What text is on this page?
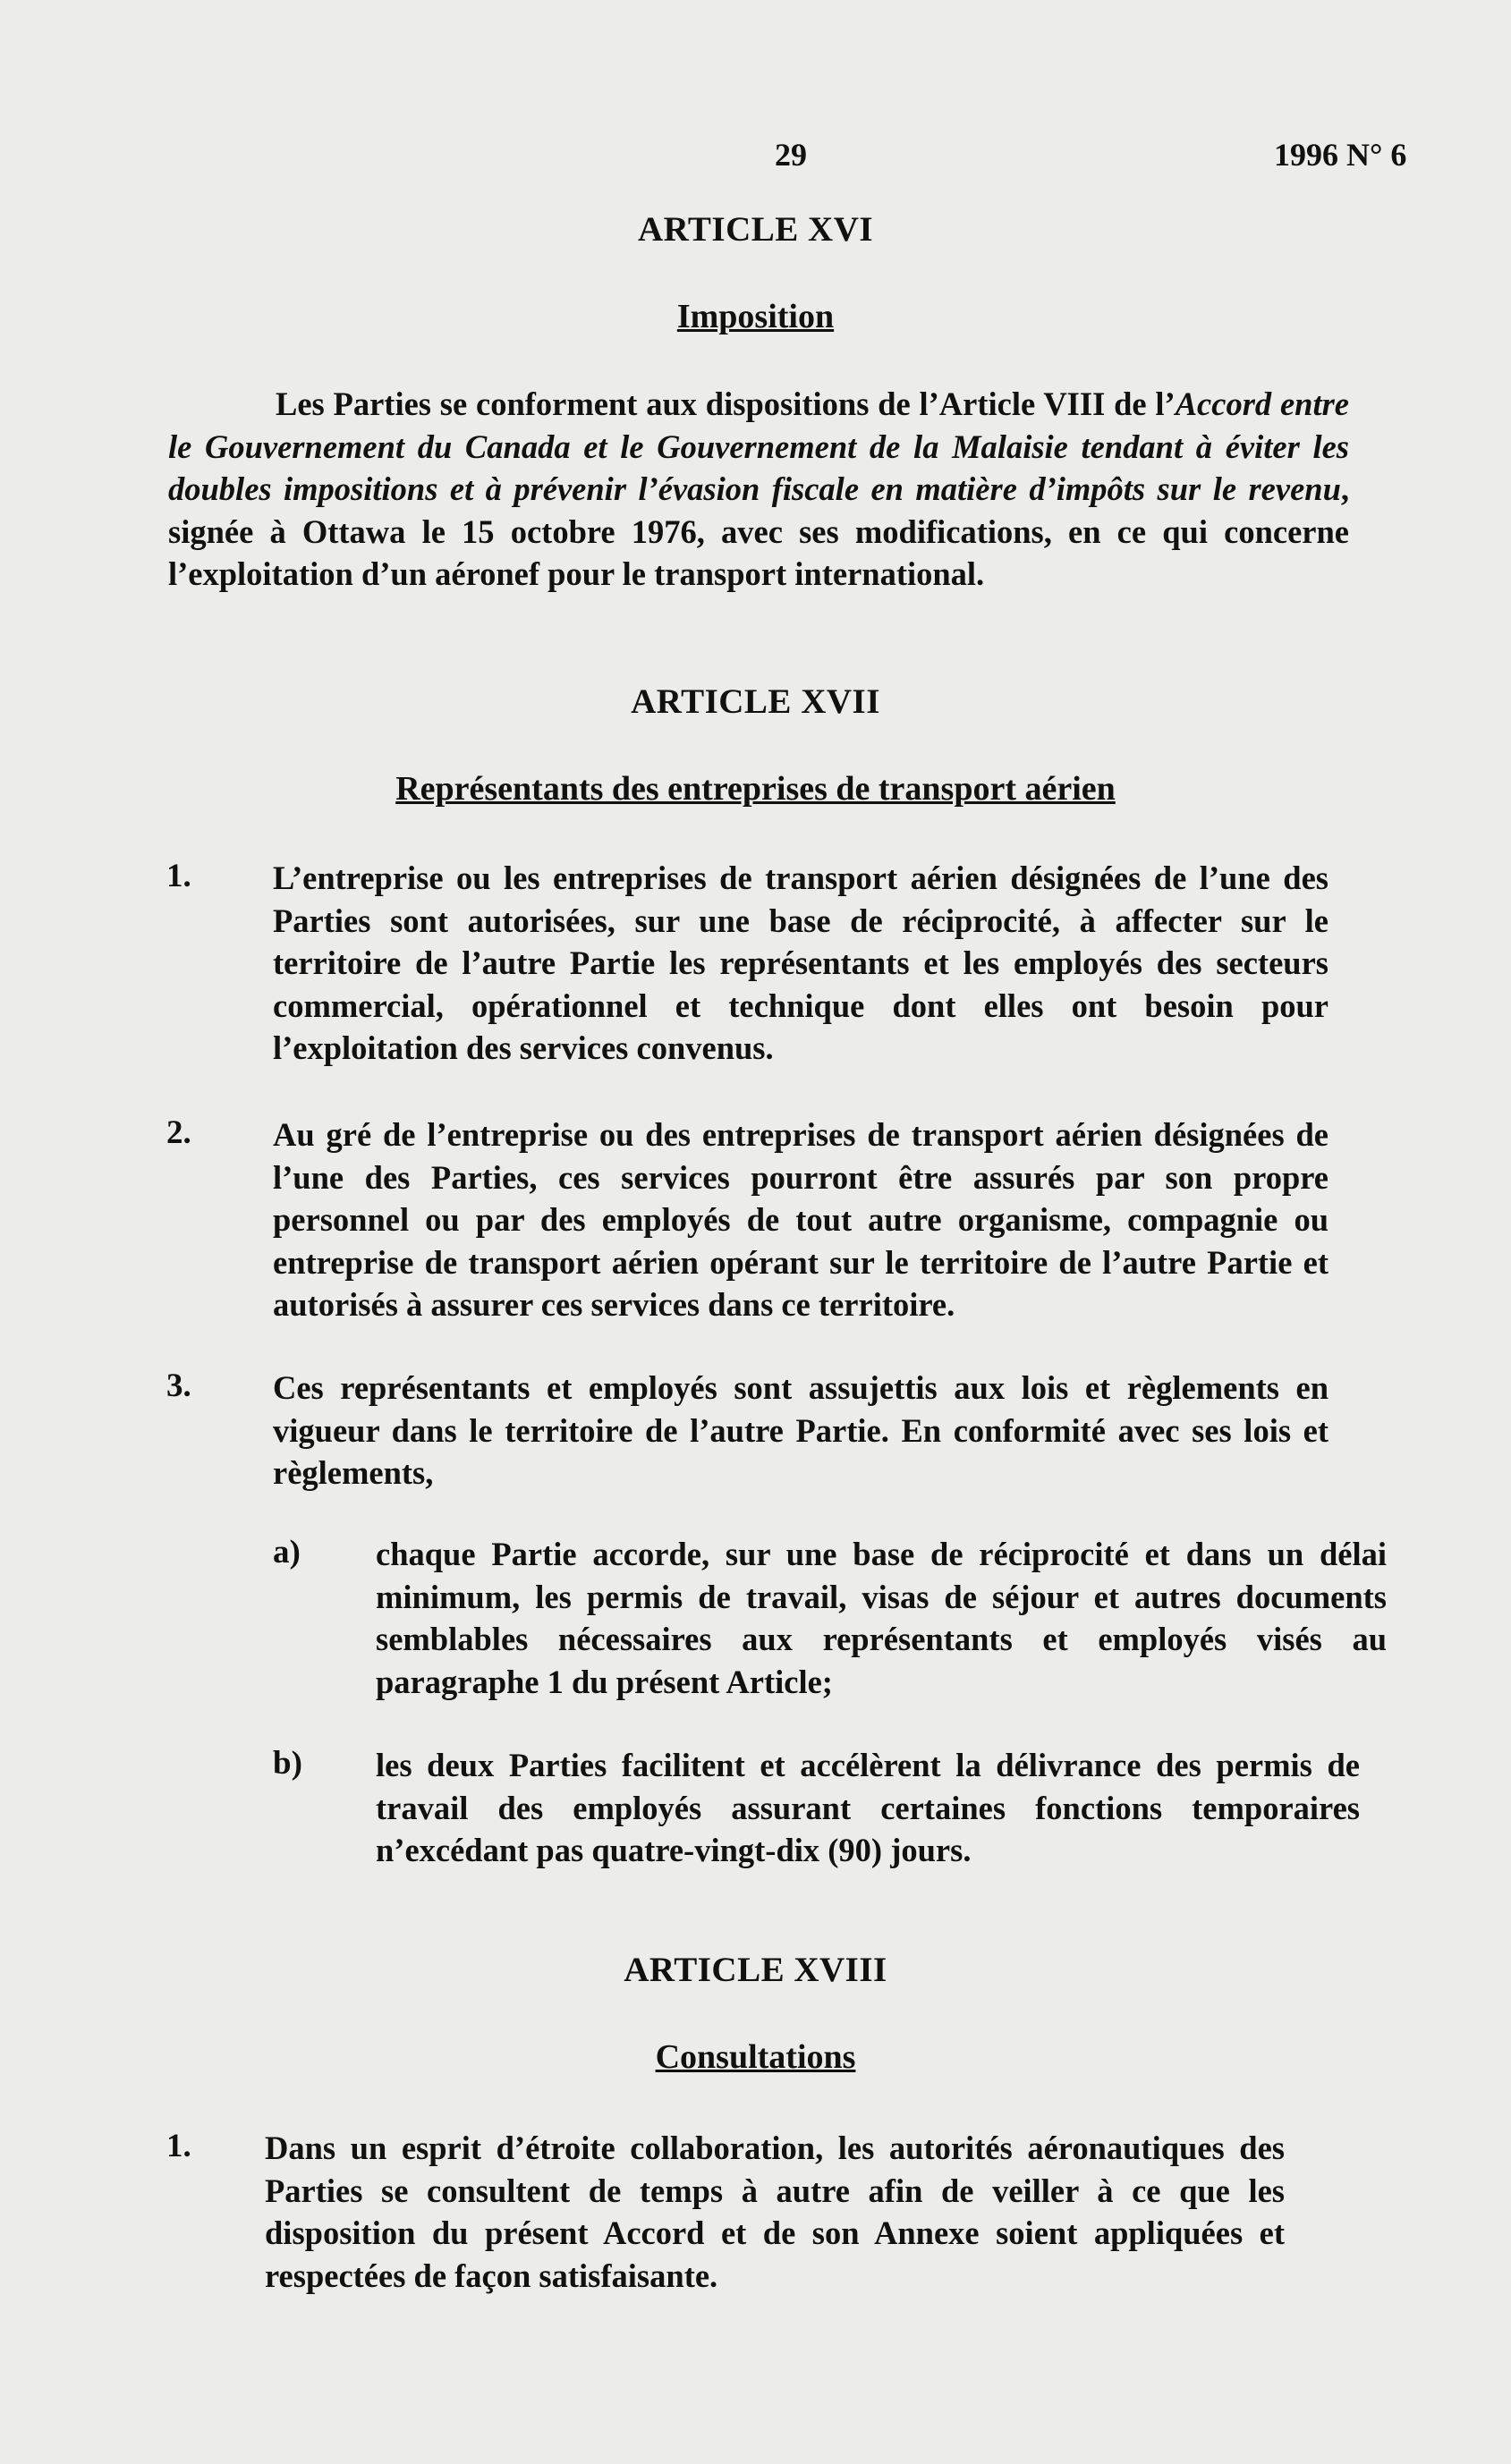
29	1996 N° 6
ARTICLE XVI
Imposition

Les Parties se conforment aux dispositions de l’Article VIII de l’Accord entre le Gouvernement du Canada et le Gouvernement de la Malaisie tendant à éviter les doubles impositions et à prévenir l’évasion fiscale en matière d’impôts sur le revenu, signée à Ottawa le 15 octobre 1976, avec ses modifications, en ce qui concerne l’exploitation d’un aéronef pour le transport international.

ARTICLE XVII
Représentants des entreprises de transport aérien
1.	L’entreprise ou les entreprises de transport aérien désignées de l’une des Parties sont autorisées, sur une base de réciprocité, à affecter sur le territoire de l’autre Partie les représentants et les employés des secteurs commercial, opérationnel et technique dont elles ont besoin pour l’exploitation des services convenus.

2.	Au gré de l’entreprise ou des entreprises de transport aérien désignées de l’une des Parties, ces services pourront être assurés par son propre personnel ou par des employés de tout autre organisme, compagnie ou entreprise de transport aérien opérant sur le territoire de l’autre Partie et autorisés à assurer ces services dans ce territoire.

3.	Ces représentants et employés sont assujettis aux lois et règlements en vigueur dans le territoire de l’autre Partie. En conformité avec ses lois et règlements,

a) chaque Partie accorde, sur une base de réciprocité et dans un délai minimum, les permis de travail, visas de séjour et autres documents semblables nécessaires aux représentants et employés visés au paragraphe 1 du présent Article;

b) les deux Parties facilitent et accélèrent la délivrance des permis de travail des employés assurant certaines fonctions temporaires n’excédant pas quatre-vingt-dix (90) jours.

ARTICLE XVIII
Consultations
1. Dans un esprit d’étroite collaboration, les autorités aéronautiques des Parties se consultent de temps à autre afin de veiller à ce que les disposition du présent Accord et de son Annexe soient appliquées et respectées de façon satisfaisante.
